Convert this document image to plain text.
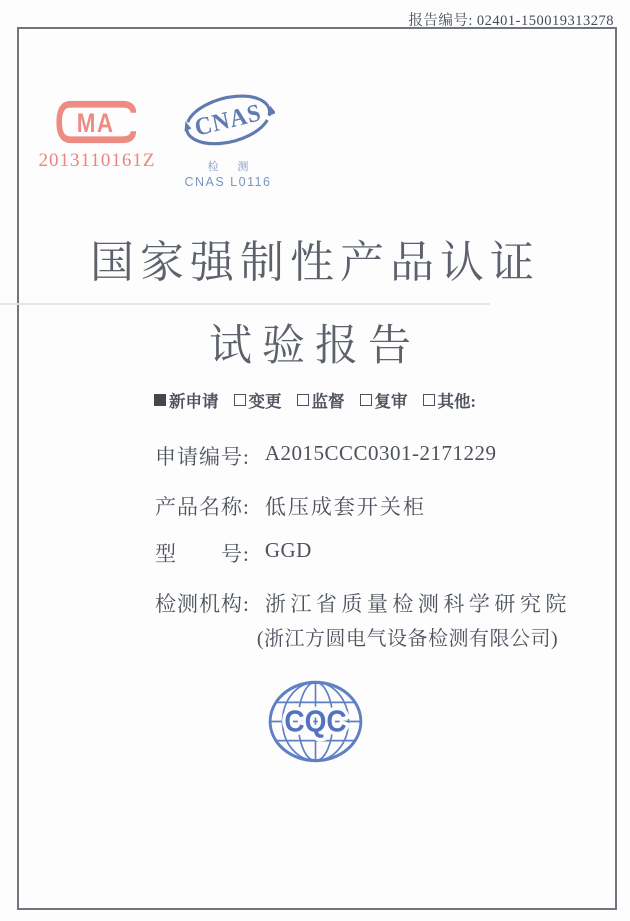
报告编号: 02401-150019313278
MA
2013110161Z
CNAS
检 测
CNAS L0116
国家强制性产品认证
试验报告
新申请 变更 监督 复审 其他:
申请编号: A2015CCC0301-2171229
产品名称: 低压成套开关柜
型　　号: GGD
检测机构: 浙江省质量检测科学研究院
(浙江方圆电气设备检测有限公司)
CQC
